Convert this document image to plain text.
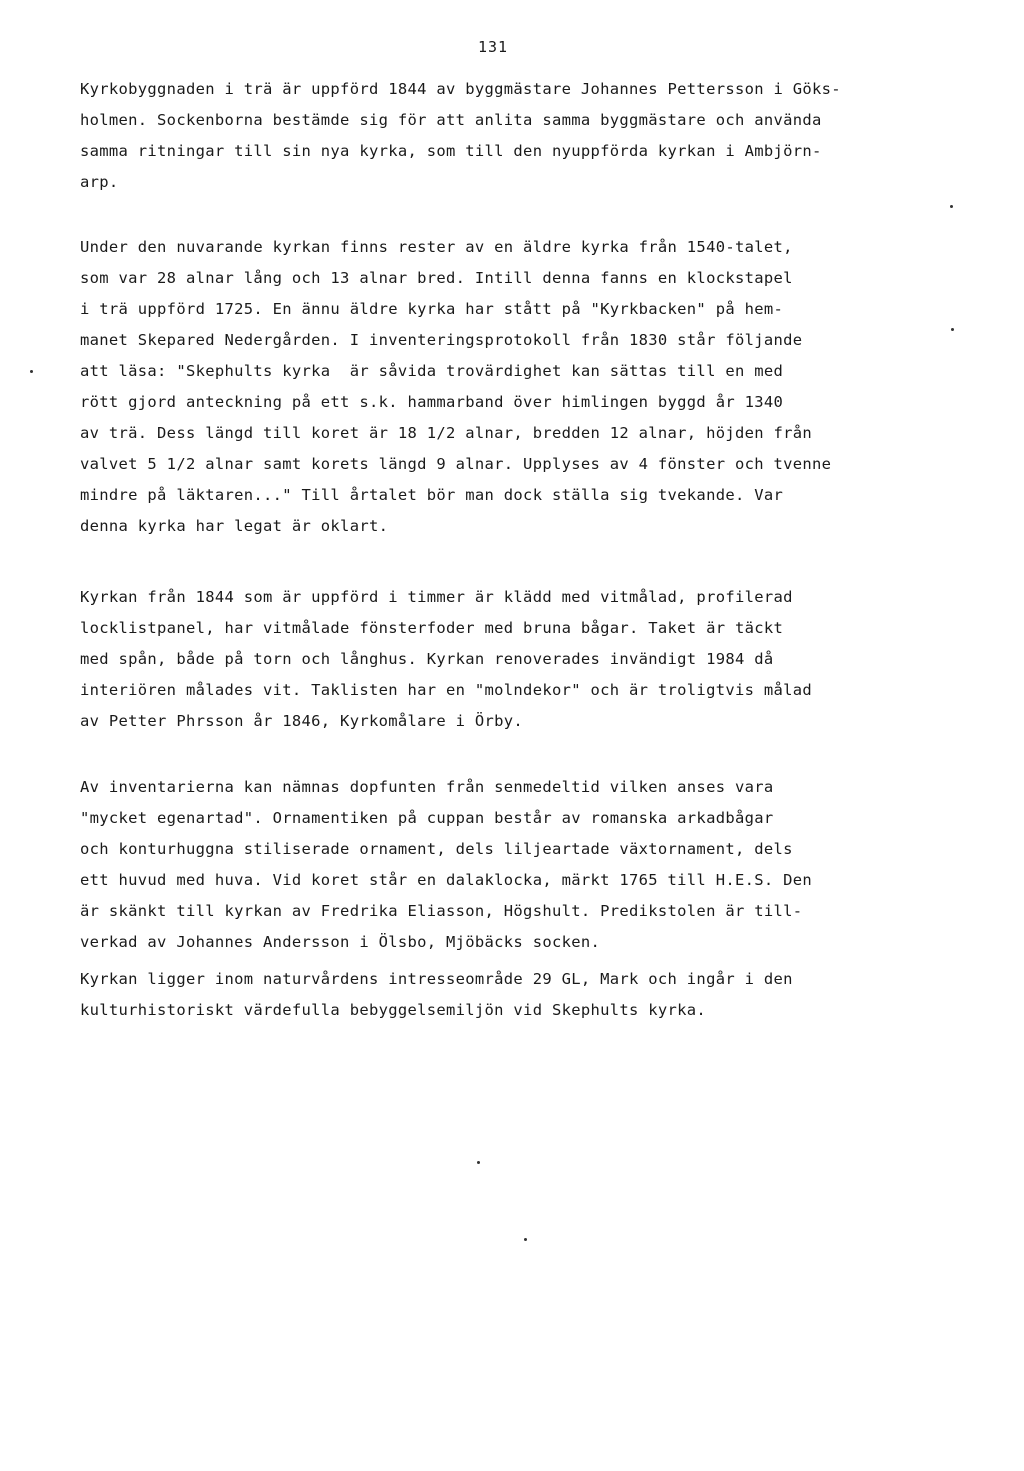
131
Kyrkobyggnaden i trä är uppförd 1844 av byggmästare Johannes Pettersson i Göks-
holmen. Sockenborna bestämde sig för att anlita samma byggmästare och använda
samma ritningar till sin nya kyrka, som till den nyuppförda kyrkan i Ambjörn-
arp.
Under den nuvarande kyrkan finns rester av en äldre kyrka från 1540-talet,
som var 28 alnar lång och 13 alnar bred. Intill denna fanns en klockstapel
i trä uppförd 1725. En ännu äldre kyrka har stått på "Kyrkbacken" på hem-
manet Skepared Nedergården. I inventeringsprotokoll från 1830 står följande
att läsa: "Skephults kyrka  är såvida trovärdighet kan sättas till en med
rött gjord anteckning på ett s.k. hammarband över himlingen byggd år 1340
av trä. Dess längd till koret är 18 1/2 alnar, bredden 12 alnar, höjden från
valvet 5 1/2 alnar samt korets längd 9 alnar. Upplyses av 4 fönster och tvenne
mindre på läktaren..." Till årtalet bör man dock ställa sig tvekande. Var
denna kyrka har legat är oklart.
Kyrkan från 1844 som är uppförd i timmer är klädd med vitmålad, profilerad
locklistpanel, har vitmålade fönsterfoder med bruna bågar. Taket är täckt
med spån, både på torn och långhus. Kyrkan renoverades invändigt 1984 då
interiören målades vit. Taklisten har en "molndekor" och är troligtvis målad
av Petter Phrsson år 1846, Kyrkomålare i Örby.
Av inventarierna kan nämnas dopfunten från senmedeltid vilken anses vara
"mycket egenartad". Ornamentiken på cuppan består av romanska arkadbågar
och konturhuggna stiliserade ornament, dels liljeartade växtornament, dels
ett huvud med huva. Vid koret står en dalaklocka, märkt 1765 till H.E.S. Den
är skänkt till kyrkan av Fredrika Eliasson, Högshult. Predikstolen är till-
verkad av Johannes Andersson i Ölsbo, Mjöbäcks socken.
Kyrkan ligger inom naturvårdens intresseområde 29 GL, Mark och ingår i den
kulturhistoriskt värdefulla bebyggelsemiljön vid Skephults kyrka.
